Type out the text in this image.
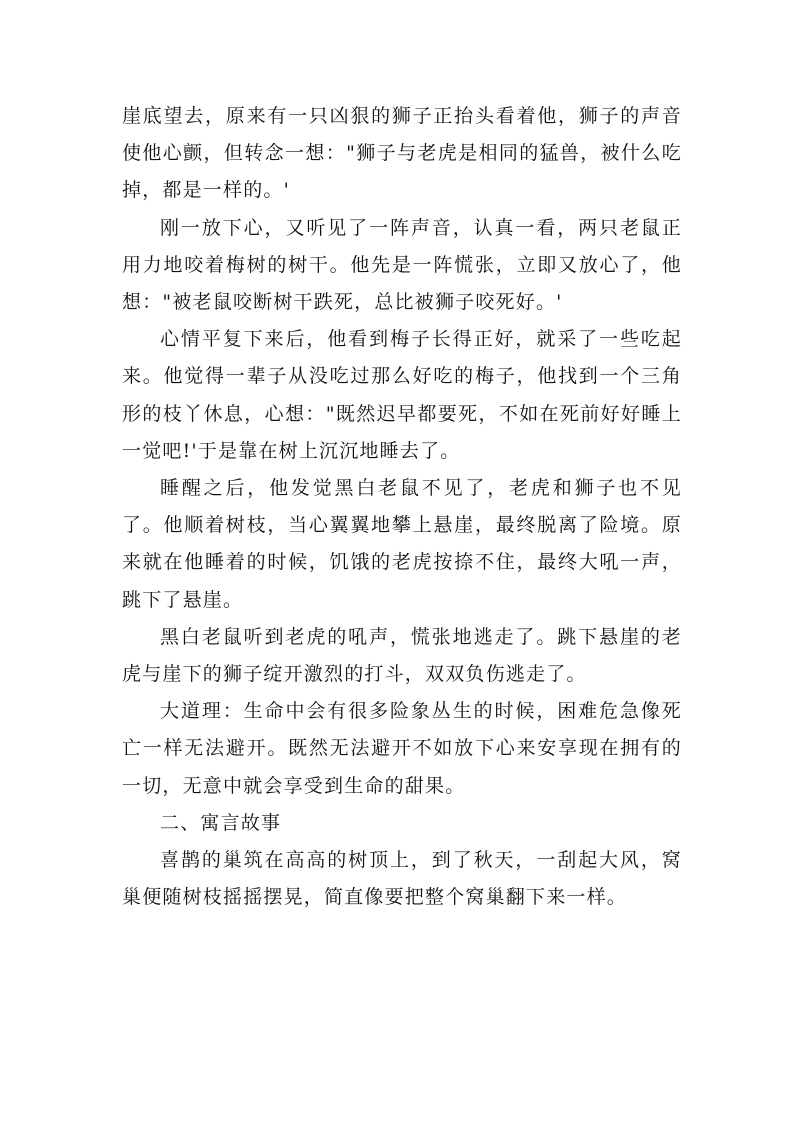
崖底望去，原来有一只凶狠的狮子正抬头看着他，狮子的声音使他心颤，但转念一想："狮子与老虎是相同的猛兽，被什么吃掉，都是一样的。'

刚一放下心，又听见了一阵声音，认真一看，两只老鼠正用力地咬着梅树的树干。他先是一阵慌张，立即又放心了，他想："被老鼠咬断树干跌死，总比被狮子咬死好。'

心情平复下来后，他看到梅子长得正好，就采了一些吃起来。他觉得一辈子从没吃过那么好吃的梅子，他找到一个三角形的枝丫休息，心想："既然迟早都要死，不如在死前好好睡上一觉吧!'于是靠在树上沉沉地睡去了。

睡醒之后，他发觉黑白老鼠不见了，老虎和狮子也不见了。他顺着树枝，当心翼翼地攀上悬崖，最终脱离了险境。原来就在他睡着的时候，饥饿的老虎按捺不住，最终大吼一声，跳下了悬崖。

黑白老鼠听到老虎的吼声，慌张地逃走了。跳下悬崖的老虎与崖下的狮子绽开激烈的打斗，双双负伤逃走了。

大道理：生命中会有很多险象丛生的时候，困难危急像死亡一样无法避开。既然无法避开不如放下心来安享现在拥有的一切，无意中就会享受到生命的甜果。

二、寓言故事

喜鹊的巢筑在高高的树顶上，到了秋天，一刮起大风，窝巢便随树枝摇摇摆晃，简直像要把整个窝巢翻下来一样。
